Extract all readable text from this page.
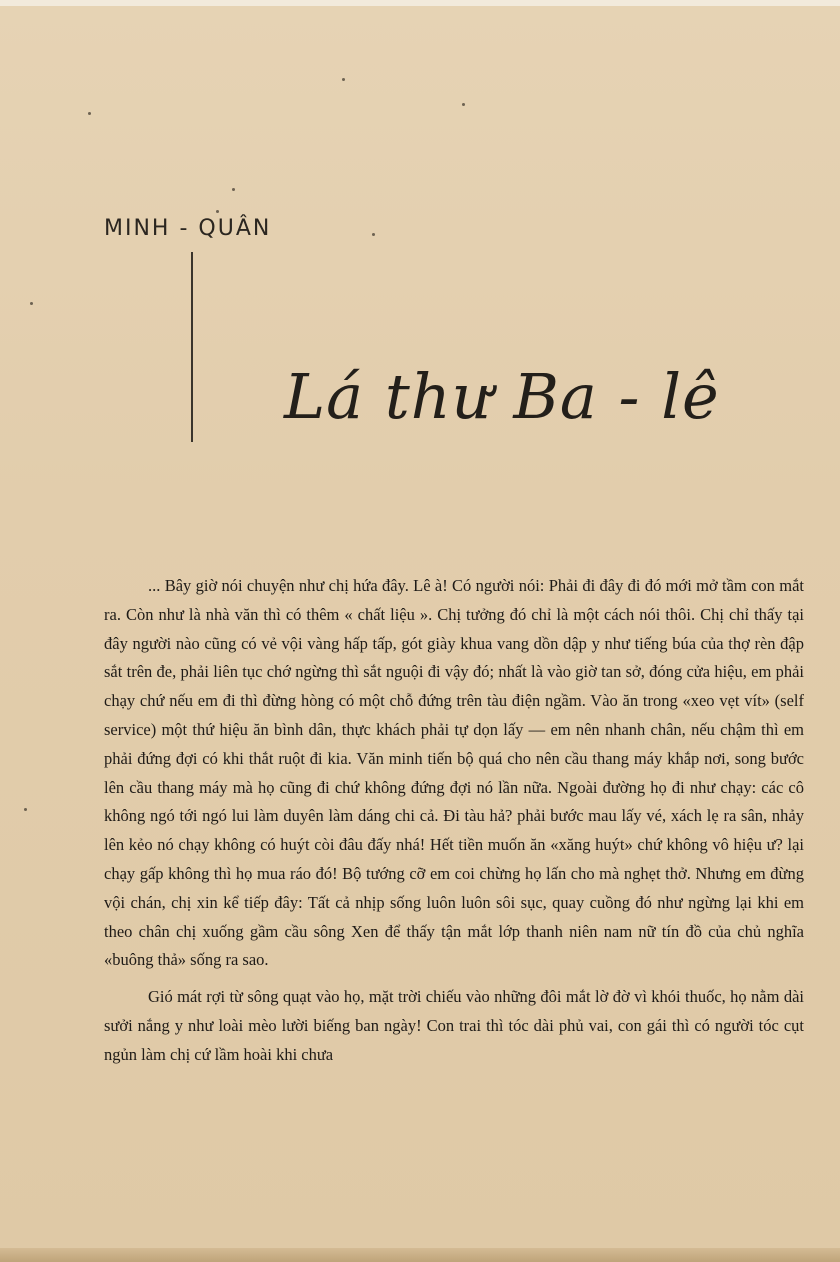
MINH - QUÂN
Lá thư Ba - lê

... Bây giờ nói chuyện như chị hứa đây. Lê à! Có người nói: Phải đi đây đi đó mới mở tầm con mắt ra. Còn như là nhà văn thì có thêm « chất liệu ». Chị tưởng đó chỉ là một cách nói thôi. Chị chỉ thấy tại đây người nào cũng có vẻ vội vàng hấp tấp, gót giày khua vang dồn dập y như tiếng búa của thợ rèn đập sắt trên đe, phải liên tục chớ ngừng thì sắt nguội đi vậy đó; nhất là vào giờ tan sở, đóng cửa hiệu, em phải chạy chứ nếu em đi thì đừng hòng có một chỗ đứng trên tàu điện ngầm. Vào ăn trong «xeo vẹt vít» (self service) một thứ hiệu ăn bình dân, thực khách phải tự dọn lấy — em nên nhanh chân, nếu chậm thì em phải đứng đợi có khi thắt ruột đi kia. Văn minh tiến bộ quá cho nên cầu thang máy khắp nơi, song bước lên cầu thang máy mà họ cũng đi chứ không đứng đợi nó lần nữa. Ngoài đường họ đi như chạy: các cô không ngó tới ngó lui làm duyên làm dáng chi cả. Đi tàu hả? phải bước mau lấy vé, xách lẹ ra sân, nhảy lên kẻo nó chạy không có huýt còi đâu đấy nhá! Hết tiền muốn ăn «xăng huýt» chứ không vô hiệu ư? lại chạy gấp không thì họ mua ráo đó! Bộ tướng cỡ em coi chừng họ lấn cho mà nghẹt thở. Nhưng em đừng vội chán, chị xin kể tiếp đây: Tất cả nhịp sống luôn luôn sôi sục, quay cuồng đó như ngừng lại khi em theo chân chị xuống gầm cầu sông Xen để thấy tận mắt lớp thanh niên nam nữ tín đồ của chủ nghĩa «buông thả» sống ra sao.

Gió mát rợi từ sông quạt vào họ, mặt trời chiếu vào những đôi mắt lờ đờ vì khói thuốc, họ nằm dài sưởi nắng y như loài mèo lười biếng ban ngày! Con trai thì tóc dài phủ vai, con gái thì có người tóc cụt ngủn làm chị cứ lầm hoài khi chưa
